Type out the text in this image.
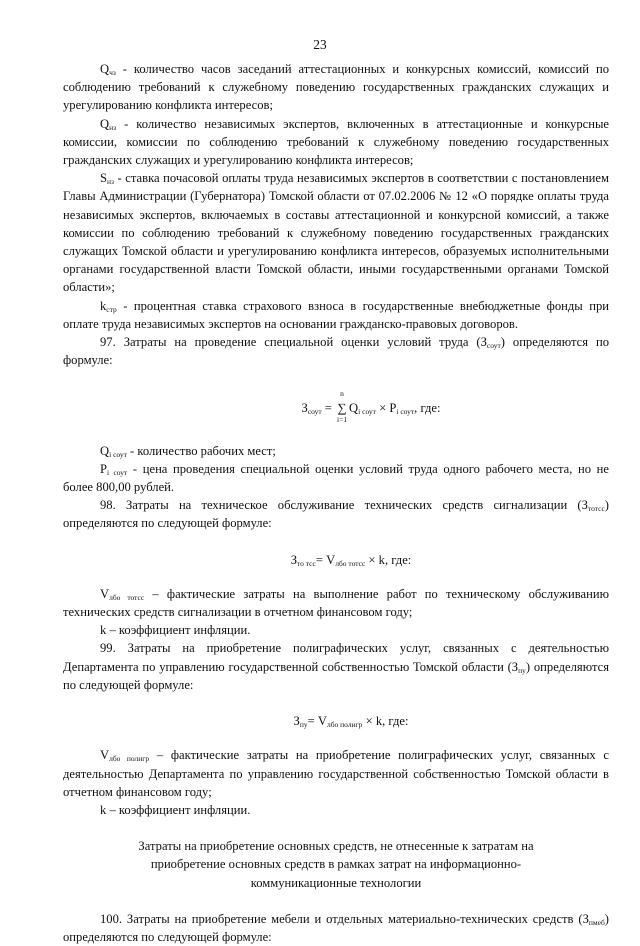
23

$Q_{чз}$ - количество часов заседаний аттестационных и конкурсных комиссий, комиссий по соблюдению требований к служебному поведению государственных гражданских служащих и урегулированию конфликта интересов;

$Q_{нз}$ - количество независимых экспертов, включенных в аттестационные и конкурсные комиссии, комиссии по соблюдению требований к служебному поведению государственных гражданских служащих и урегулированию конфликта интересов;

$S_{нз}$ - ставка почасовой оплаты труда независимых экспертов в соответствии с постановлением Главы Администрации (Губернатора) Томской области от 07.02.2006 № 12 «О порядке оплаты труда независимых экспертов, включаемых в составы аттестационной и конкурсной комиссий, а также комиссии по соблюдению требований к служебному поведению государственных гражданских служащих Томской области и урегулированию конфликта интересов, образуемых исполнительными органами государственной власти Томской области, иными государственными органами Томской области»;

$k_{стр}$ - процентная ставка страхового взноса в государственные внебюджетные фонды при оплате труда независимых экспертов на основании гражданско-правовых договоров.

97. Затраты на проведение специальной оценки условий труда $(З_{соут})$ определяются по формуле:

$З_{соут}$ =
n
∑
i=1
$Q_{i соут} \times P_{i соут}$, где:

$Q_{i соут}$ - количество рабочих мест;

$P_{i соут}$ - цена проведения специальной оценки условий труда одного рабочего места, но не более 800,00 рублей.

98. Затраты на техническое обслуживание технических средств сигнализации $(З_{тотсс})$ определяются по следующей формуле:

$З_{то тсс}= V_{лбо тотсс} \times k$, где:

$V_{лбо тотсс}$ – фактические затраты на выполнение работ по техническому обслуживанию технических средств сигнализации в отчетном финансовом году;

k – коэффициент инфляции.

99. Затраты на приобретение полиграфических услуг, связанных с деятельностью Департамента по управлению государственной собственностью Томской области $(З_{пу})$ определяются по следующей формуле:

$З_{пу}= V_{лбо полигр} \times k$, где:

$V_{лбо полигр}$ – фактические затраты на приобретение полиграфических услуг, связанных с деятельностью Департамента по управлению государственной собственностью Томской области в отчетном финансовом году;

k – коэффициент инфляции.

Затраты на приобретение основных средств, не отнесенные к затратам на приобретение основных средств в рамках затрат на информационно-коммуникационные технологии

100. Затраты на приобретение мебели и отдельных материально-технических средств $(З_{пмеб})$ определяются по следующей формуле:
